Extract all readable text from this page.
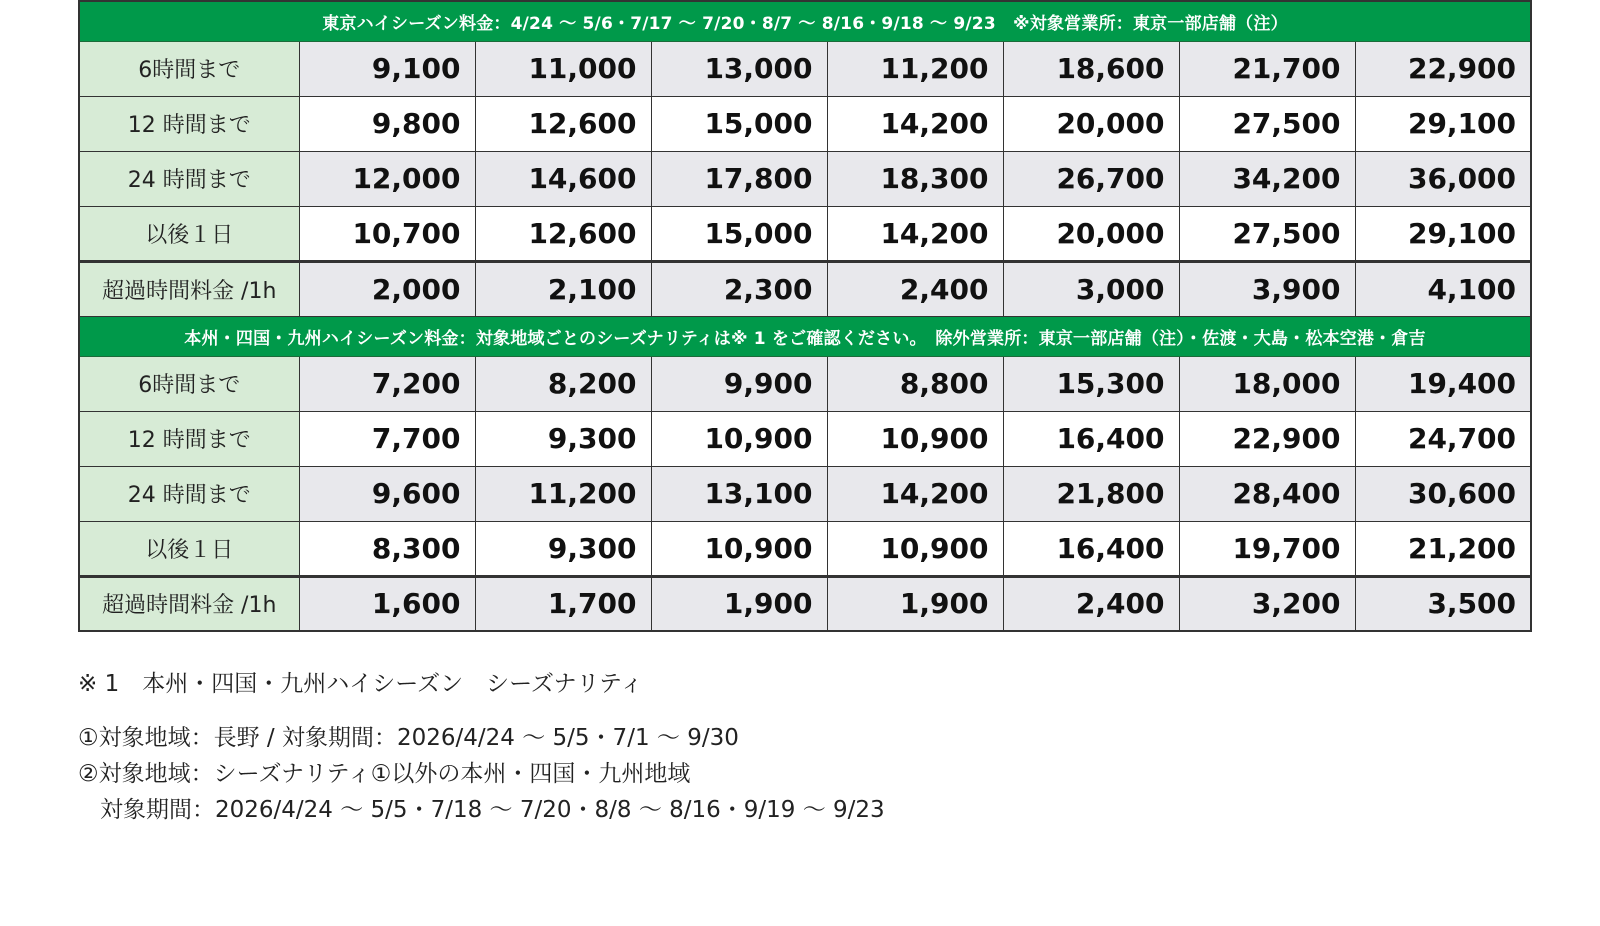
東京ハイシーズン料金：4/24 ～ 5/6・7/17 ～ 7/20・8/7 ～ 8/16・9/18 ～ 9/23　※対象営業所：東京一部店舗（注）							
6時間まで	9,100	11,000	13,000	11,200	18,600	21,700	22,900
12 時間まで	9,800	12,600	15,000	14,200	20,000	27,500	29,100
24 時間まで	12,000	14,600	17,800	18,300	26,700	34,200	36,000
以後１日	10,700	12,600	15,000	14,200	20,000	27,500	29,100
超過時間料金 /1h	2,000	2,100	2,300	2,400	3,000	3,900	4,100
本州・四国・九州ハイシーズン料金：対象地域ごとのシーズナリティは※ 1 をご確認ください。　除外営業所：東京一部店舗（注）・佐渡・大島・松本空港・倉吉							
6時間まで	7,200	8,200	9,900	8,800	15,300	18,000	19,400
12 時間まで	7,700	9,300	10,900	10,900	16,400	22,900	24,700
24 時間まで	9,600	11,200	13,100	14,200	21,800	28,400	30,600
以後１日	8,300	9,300	10,900	10,900	16,400	19,700	21,200
超過時間料金 /1h	1,600	1,700	1,900	1,900	2,400	3,200	3,500
※ 1　本州・四国・九州ハイシーズン　シーズナリティ
①対象地域：長野 / 対象期間：2026/4/24 ～ 5/5・7/1 ～ 9/30
②対象地域：シーズナリティ①以外の本州・四国・九州地域
対象期間：2026/4/24 ～ 5/5・7/18 ～ 7/20・8/8 ～ 8/16・9/19 ～ 9/23
